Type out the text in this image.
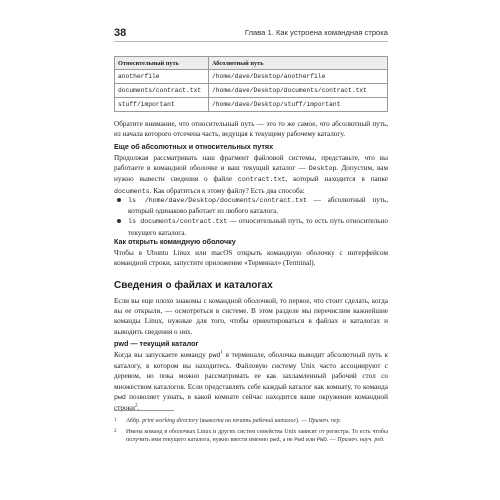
38	Глава 1. Как устроена командная строка
Относительный путь	Абсолютный путь
anotherfile	/home/dave/Desktop/anotherfile
documents/contract.txt	/home/dave/Desktop/documents/contract.txt
stuff/important	/home/dave/Desktop/stuff/important

Обратите внимание, что относительный путь — это то же самое, что абсолютный путь, из начала которого отсечена часть, ведущая к текущему рабочему каталогу.

Еще об абсолютных и относительных путях

Продолжая рассматривать наш фрагмент файловой системы, представьте, что вы работаете в командной оболочке и ваш текущий каталог — Desktop. Допустим, вам нужно вывести сведения о файле contract.txt, который находится в папке documents. Как обратиться к этому файлу? Есть два способа:

ls /home/dave/Desktop/documents/contract.txt — абсолютный путь, который одинаково работает из любого каталога.
ls documents/contract.txt — относительный путь, то есть путь относительно текущего каталога.
Как открыть командную оболочку

Чтобы в Ubuntu Linux или macOS открыть командную оболочку с интерфейсом командной строки, запустите приложение «Терминал» (Terminal).

Сведения о файлах и каталогах

Если вы еще плохо знакомы с командной оболочкой, то первое, что стоит сделать, когда вы ее открыли, — осмотреться в системе. В этом разделе мы перечислим важнейшие команды Linux, нужные для того, чтобы ориентироваться в файлах и каталогах и выводить сведения о них.

pwd — текущий каталог

Когда вы запускаете команду pwd$^1$ в терминале, оболочка выводит абсолютный путь к каталогу, в котором вы находитесь. Файловую систему Unix часто ассоциируют с деревом, но пока можно рассматривать ее как захламленный рабочий стол со множеством каталогов. Если представлять себе каждый каталог как комнату, то команда pwd позволяет узнать, в какой комнате сейчас находится ваше окружение командной строки$^2$.

1	Аббр. print working directory (вывести на печать рабочий каталог). — Примеч. пер.
2	Имена команд в оболочках Linux и других систем семейства Unix зависят от регистра. То есть чтобы получить имя текущего каталога, нужно ввести именно pwd, а не Pwd или PWD. — Примеч. науч. ред.
